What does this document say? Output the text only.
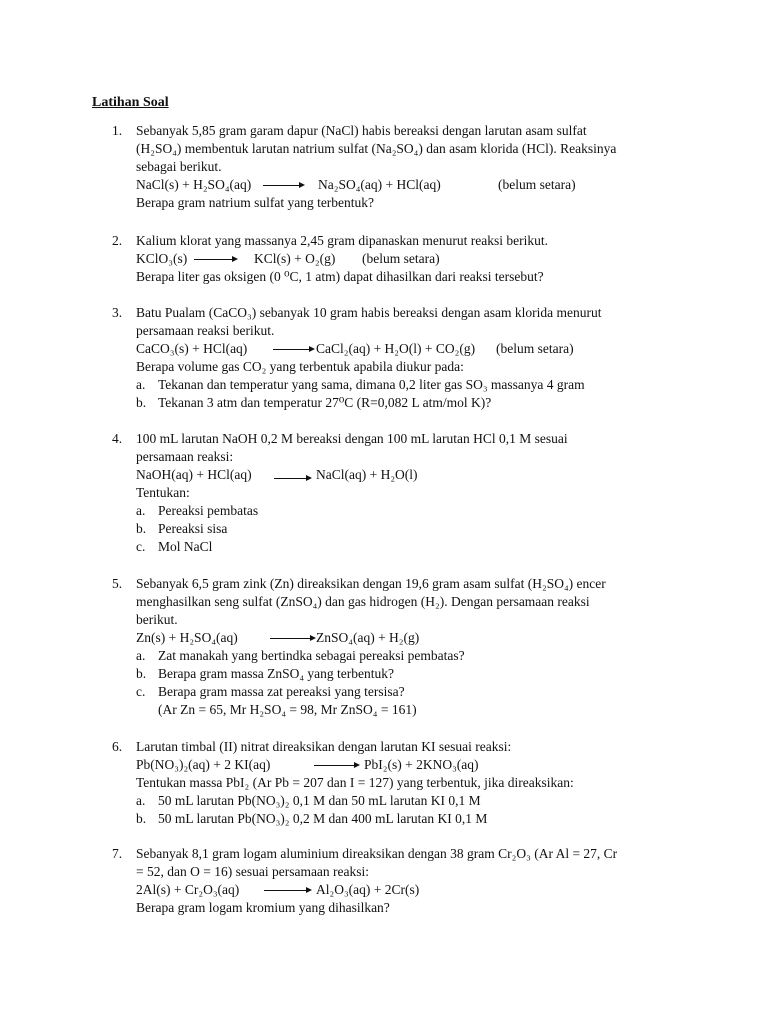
Latihan Soal
1.	Sebanyak 5,85 gram garam dapur (NaCl) habis bereaksi dengan larutan asam sulfat
(H₂SO₄) membentuk larutan natrium sulfat (Na₂SO₄) dan asam klorida (HCl). Reaksinya
sebagai berikut.
NaCl(s) + H₂SO₄(aq) → Na₂SO₄(aq) + HCl(aq)	(belum setara)
Berapa gram natrium sulfat yang terbentuk?
2.	Kalium klorat yang massanya 2,45 gram dipanaskan menurut reaksi berikut.
KClO₃(s) → KCl(s) + O₂(g) (belum setara)
Berapa liter gas oksigen (0 ⁰C, 1 atm) dapat dihasilkan dari reaksi tersebut?
3.	Batu Pualam (CaCO₃) sebanyak 10 gram habis bereaksi dengan asam klorida menurut
persamaan reaksi berikut.
CaCO₃(s) + HCl(aq) → CaCl₂(aq) + H₂O(l) + CO₂(g) (belum setara)
Berapa volume gas CO₂ yang terbentuk apabila diukur pada:
a. Tekanan dan temperatur yang sama, dimana 0,2 liter gas SO₃ massanya 4 gram
b. Tekanan 3 atm dan temperatur 27⁰C (R=0,082 L atm/mol K)?
4.	100 mL larutan NaOH 0,2 M bereaksi dengan 100 mL larutan HCl 0,1 M sesuai
persamaan reaksi:
NaOH(aq) + HCl(aq) → NaCl(aq) + H₂O(l)
Tentukan:
a. Pereaksi pembatas
b. Pereaksi sisa
c. Mol NaCl
5.	Sebanyak 6,5 gram zink (Zn) direaksikan dengan 19,6 gram asam sulfat (H₂SO₄) encer
menghasilkan seng sulfat (ZnSO₄) dan gas hidrogen (H₂). Dengan persamaan reaksi
berikut.
Zn(s) + H₂SO₄(aq) → ZnSO₄(aq) + H₂(g)
a. Zat manakah yang bertindka sebagai pereaksi pembatas?
b. Berapa gram massa ZnSO₄ yang terbentuk?
c. Berapa gram massa zat pereaksi yang tersisa?
(Ar Zn = 65, Mr H₂SO₄ = 98, Mr ZnSO₄ = 161)
6.	Larutan timbal (II) nitrat direaksikan dengan larutan KI sesuai reaksi:
Pb(NO₃)₂(aq) + 2 KI(aq)	→ PbI₂(s) + 2KNO₃(aq)
Tentukan massa PbI₂ (Ar Pb = 207 dan I = 127) yang terbentuk, jika direaksikan:
a. 50 mL larutan Pb(NO₃)₂ 0,1 M dan 50 mL larutan KI 0,1 M
b. 50 mL larutan Pb(NO₃)₂ 0,2 M dan 400 mL larutan KI 0,1 M
7.	Sebanyak 8,1 gram logam aluminium direaksikan dengan 38 gram Cr₂O₃ (Ar Al = 27, Cr
= 52, dan O = 16) sesuai persamaan reaksi:
2Al(s) + Cr₂O₃(aq) → Al₂O₃(aq) + 2Cr(s)
Berapa gram logam kromium yang dihasilkan?
